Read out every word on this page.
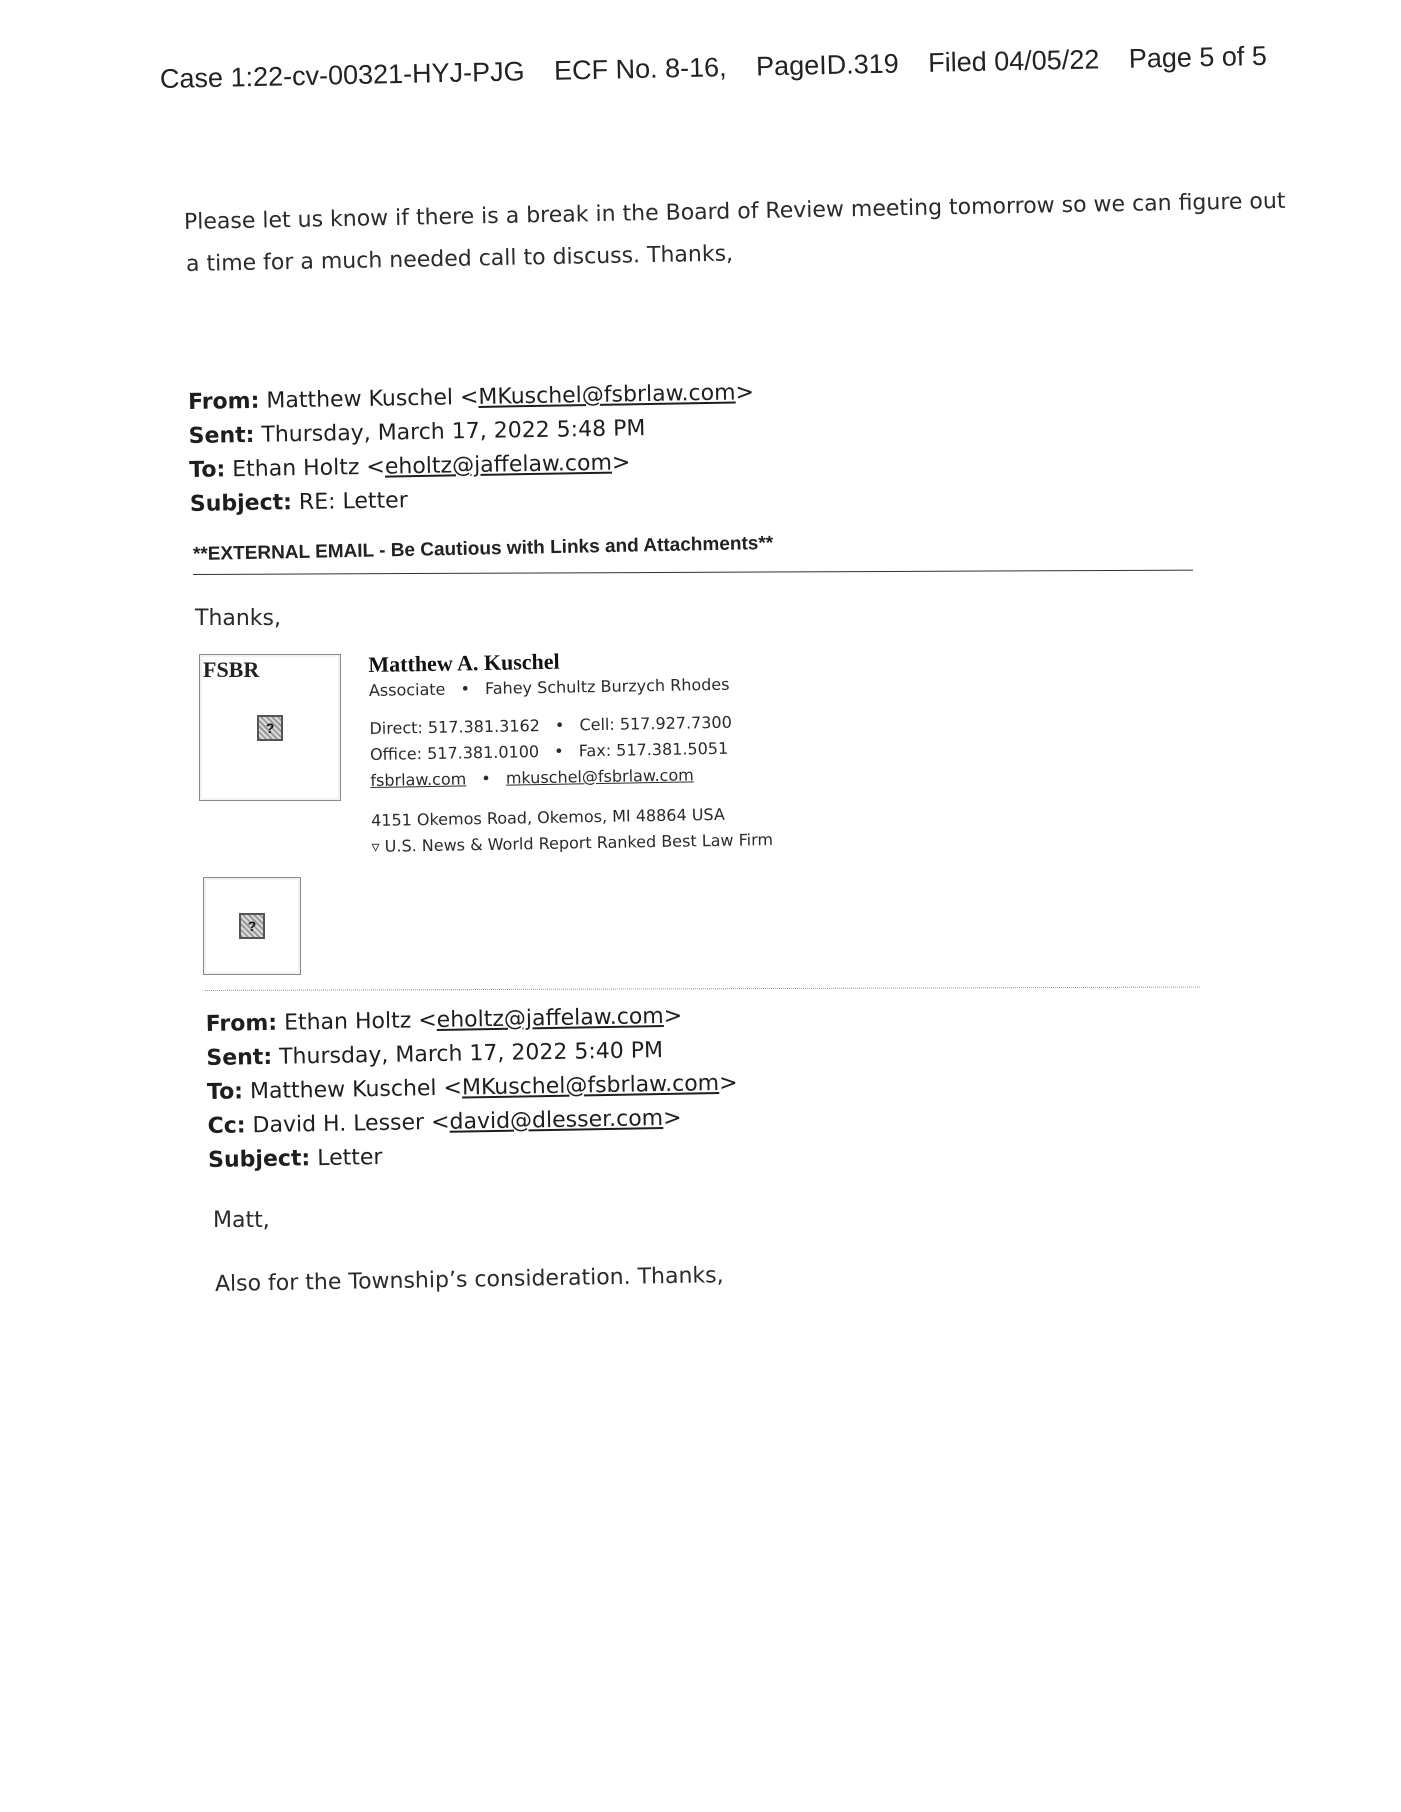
Case 1:22-cv-00321-HYJ-PJG ECF No. 8-16, PageID.319 Filed 04/05/22 Page 5 of 5
Please let us know if there is a break in the Board of Review meeting tomorrow so we can figure out
a time for a much needed call to discuss. Thanks,
From: Matthew Kuschel <MKuschel@fsbrlaw.com>
Sent: Thursday, March 17, 2022 5:48 PM
To: Ethan Holtz <eholtz@jaffelaw.com>
Subject: RE: Letter
**EXTERNAL EMAIL - Be Cautious with Links and Attachments**
Thanks,
FSBR
?
Matthew A. Kuschel
Associate • Fahey Schultz Burzych Rhodes
Direct: 517.381.3162 • Cell: 517.927.7300
Office: 517.381.0100 • Fax: 517.381.5051
fsbrlaw.com • mkuschel@fsbrlaw.com
4151 Okemos Road, Okemos, MI 48864 USA
▿ U.S. News & World Report Ranked Best Law Firm
?
From: Ethan Holtz <eholtz@jaffelaw.com>
Sent: Thursday, March 17, 2022 5:40 PM
To: Matthew Kuschel <MKuschel@fsbrlaw.com>
Cc: David H. Lesser <david@dlesser.com>
Subject: Letter
Matt,
Also for the Township’s consideration. Thanks,
